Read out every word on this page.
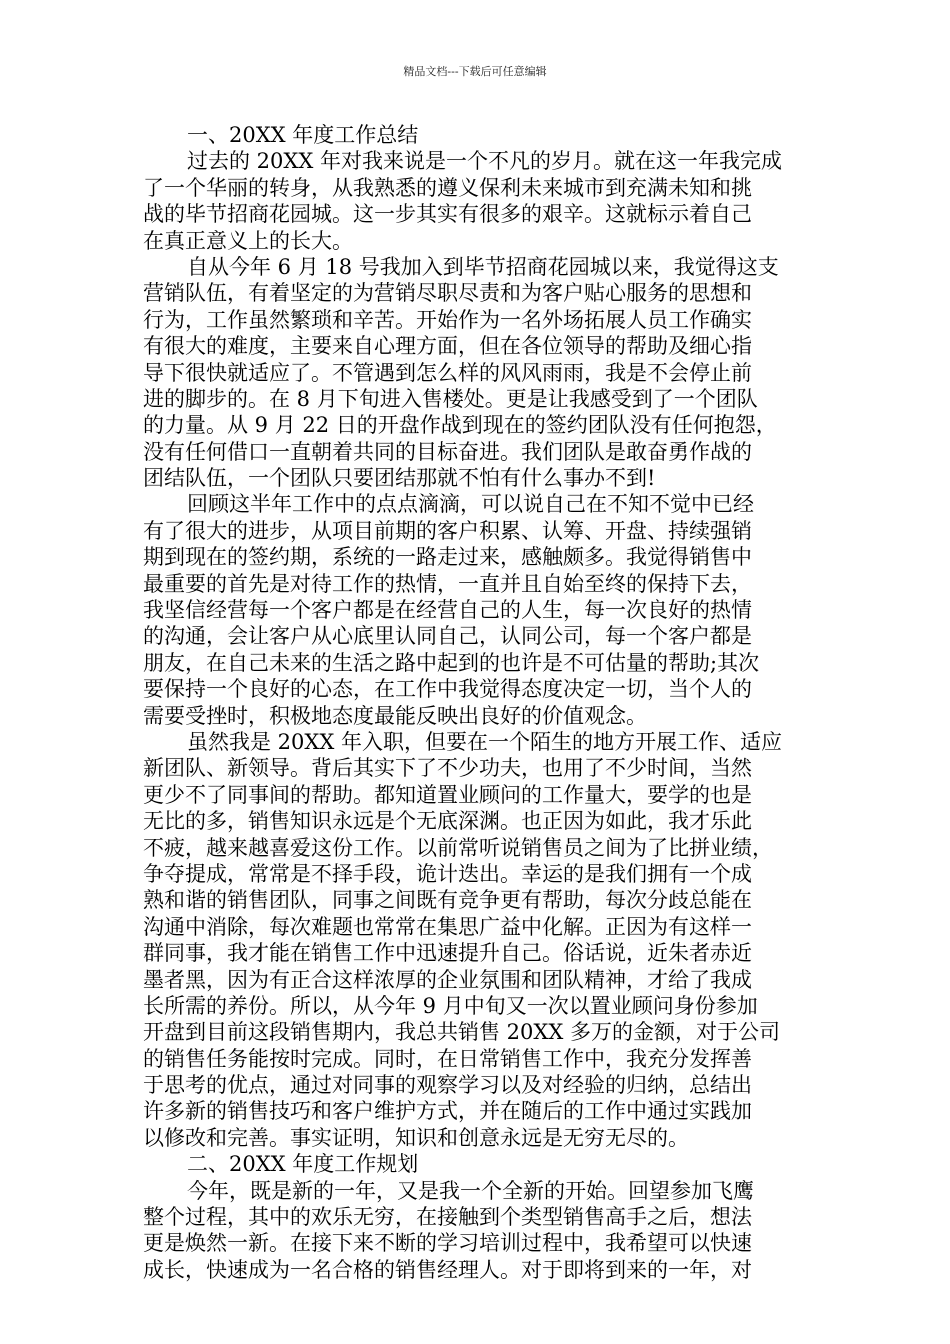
精品文档---下载后可任意编辑
一、20XX 年度工作总结
过去的 20XX 年对我来说是一个不凡的岁月。就在这一年我完成
了一个华丽的转身，从我熟悉的遵义保利未来城市到充满未知和挑
战的毕节招商花园城。这一步其实有很多的艰辛。这就标示着自己
在真正意义上的长大。
自从今年 6 月 18 号我加入到毕节招商花园城以来，我觉得这支
营销队伍，有着坚定的为营销尽职尽责和为客户贴心服务的思想和
行为，工作虽然繁琐和辛苦。开始作为一名外场拓展人员工作确实
有很大的难度，主要来自心理方面，但在各位领导的帮助及细心指
导下很快就适应了。不管遇到怎么样的风风雨雨，我是不会停止前
进的脚步的。在 8 月下旬进入售楼处。更是让我感受到了一个团队
的力量。从 9 月 22 日的开盘作战到现在的签约团队没有任何抱怨，
没有任何借口一直朝着共同的目标奋进。我们团队是敢奋勇作战的
团结队伍，一个团队只要团结那就不怕有什么事办不到!
回顾这半年工作中的点点滴滴，可以说自己在不知不觉中已经
有了很大的进步，从项目前期的客户积累、认筹、开盘、持续强销
期到现在的签约期，系统的一路走过来，感触颇多。我觉得销售中
最重要的首先是对待工作的热情，一直并且自始至终的保持下去，
我坚信经营每一个客户都是在经营自己的人生，每一次良好的热情
的沟通，会让客户从心底里认同自己，认同公司，每一个客户都是
朋友，在自己未来的生活之路中起到的也许是不可估量的帮助;其次
要保持一个良好的心态，在工作中我觉得态度决定一切，当个人的
需要受挫时，积极地态度最能反映出良好的价值观念。
虽然我是 20XX 年入职，但要在一个陌生的地方开展工作、适应
新团队、新领导。背后其实下了不少功夫，也用了不少时间，当然
更少不了同事间的帮助。都知道置业顾问的工作量大，要学的也是
无比的多，销售知识永远是个无底深渊。也正因为如此，我才乐此
不疲，越来越喜爱这份工作。以前常听说销售员之间为了比拼业绩，
争夺提成，常常是不择手段，诡计迭出。幸运的是我们拥有一个成
熟和谐的销售团队，同事之间既有竞争更有帮助，每次分歧总能在
沟通中消除，每次难题也常常在集思广益中化解。正因为有这样一
群同事，我才能在销售工作中迅速提升自己。俗话说，近朱者赤近
墨者黑，因为有正合这样浓厚的企业氛围和团队精神，才给了我成
长所需的养份。所以，从今年 9 月中旬又一次以置业顾问身份参加
开盘到目前这段销售期内，我总共销售 20XX 多万的金额，对于公司
的销售任务能按时完成。同时，在日常销售工作中，我充分发挥善
于思考的优点，通过对同事的观察学习以及对经验的归纳，总结出
许多新的销售技巧和客户维护方式，并在随后的工作中通过实践加
以修改和完善。事实证明，知识和创意永远是无穷无尽的。
二、20XX 年度工作规划
今年，既是新的一年，又是我一个全新的开始。回望参加飞鹰
整个过程，其中的欢乐无穷，在接触到个类型销售高手之后，想法
更是焕然一新。在接下来不断的学习培训过程中，我希望可以快速
成长，快速成为一名合格的销售经理人。对于即将到来的一年，对
